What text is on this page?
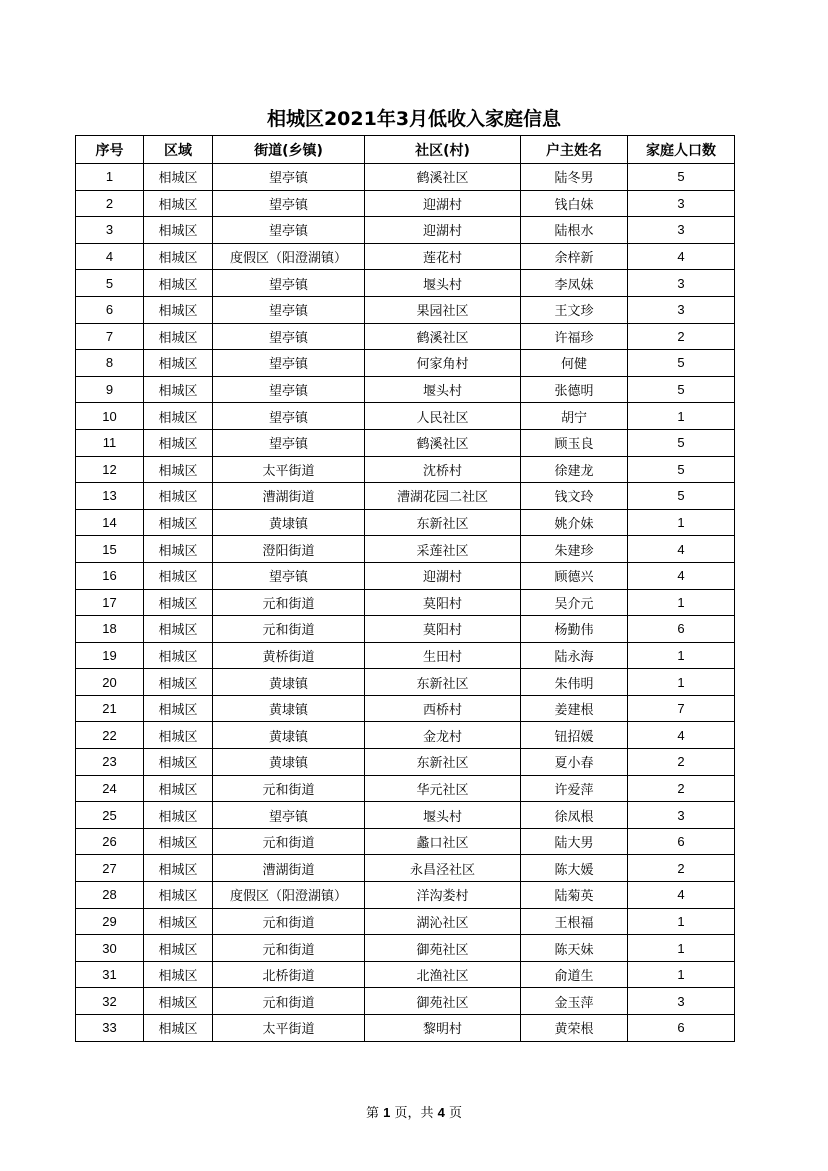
相城区2021年3月低收入家庭信息
序号	区域	街道(乡镇)	社区(村)	户主姓名	家庭人口数
1	相城区	望亭镇	鹤溪社区	陆冬男	5
2	相城区	望亭镇	迎湖村	钱白妹	3
3	相城区	望亭镇	迎湖村	陆根水	3
4	相城区	度假区（阳澄湖镇）	莲花村	余梓新	4
5	相城区	望亭镇	堰头村	李凤妹	3
6	相城区	望亭镇	果园社区	王文珍	3
7	相城区	望亭镇	鹤溪社区	许福珍	2
8	相城区	望亭镇	何家角村	何健	5
9	相城区	望亭镇	堰头村	张德明	5
10	相城区	望亭镇	人民社区	胡宁	1
11	相城区	望亭镇	鹤溪社区	顾玉良	5
12	相城区	太平街道	沈桥村	徐建龙	5
13	相城区	漕湖街道	漕湖花园二社区	钱文玲	5
14	相城区	黄埭镇	东新社区	姚介妹	1
15	相城区	澄阳街道	采莲社区	朱建珍	4
16	相城区	望亭镇	迎湖村	顾德兴	4
17	相城区	元和街道	莫阳村	吴介元	1
18	相城区	元和街道	莫阳村	杨勤伟	6
19	相城区	黄桥街道	生田村	陆永海	1
20	相城区	黄埭镇	东新社区	朱伟明	1
21	相城区	黄埭镇	西桥村	姜建根	7
22	相城区	黄埭镇	金龙村	钮招媛	4
23	相城区	黄埭镇	东新社区	夏小春	2
24	相城区	元和街道	华元社区	许爱萍	2
25	相城区	望亭镇	堰头村	徐凤根	3
26	相城区	元和街道	蠡口社区	陆大男	6
27	相城区	漕湖街道	永昌泾社区	陈大媛	2
28	相城区	度假区（阳澄湖镇）	洋沟娄村	陆菊英	4
29	相城区	元和街道	湖沁社区	王根福	1
30	相城区	元和街道	御苑社区	陈天妹	1
31	相城区	北桥街道	北渔社区	俞道生	1
32	相城区	元和街道	御苑社区	金玉萍	3
33	相城区	太平街道	黎明村	黄荣根	6
第 1 页，共 4 页
